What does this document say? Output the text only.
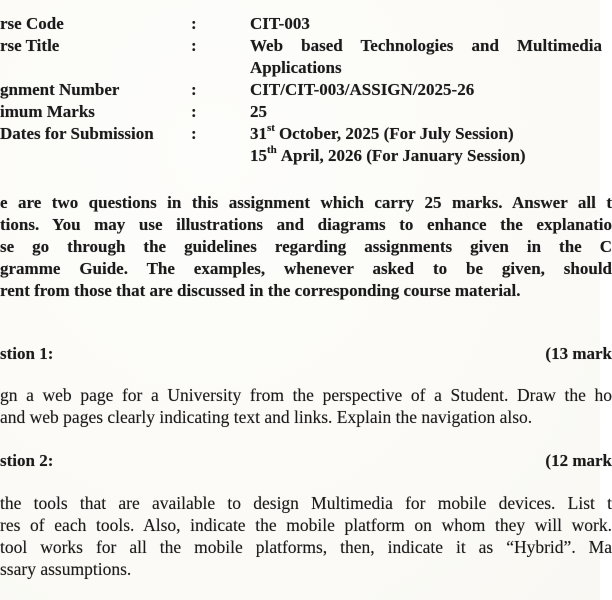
rse Code	:	CIT-003
rse Title	:	Web based Technologies and Multimedia
Applications
gnment Number	:	CIT/CIT-003/ASSIGN/2025-26
imum Marks	:	25
Dates for Submission :	31st October, 2025 (For July Session)
15th April, 2026 (For January Session)
e are two questions in this assignment which carry 25 marks. Answer all t
tions. You may use illustrations and diagrams to enhance the explanatio
se go through the guidelines regarding assignments given in the C
gramme Guide. The examples, whenever asked to be given, should
rent from those that are discussed in the corresponding course material.
stion 1:	(13 mark
gn a web page for a University from the perspective of a Student. Draw the ho
and web pages clearly indicating text and links. Explain the navigation also.
stion 2:	(12 mark
the tools that are available to design Multimedia for mobile devices. List t
res of each tools. Also, indicate the mobile platform on whom they will work.
tool works for all the mobile platforms, then, indicate it as “Hybrid”. Ma
ssary assumptions.
